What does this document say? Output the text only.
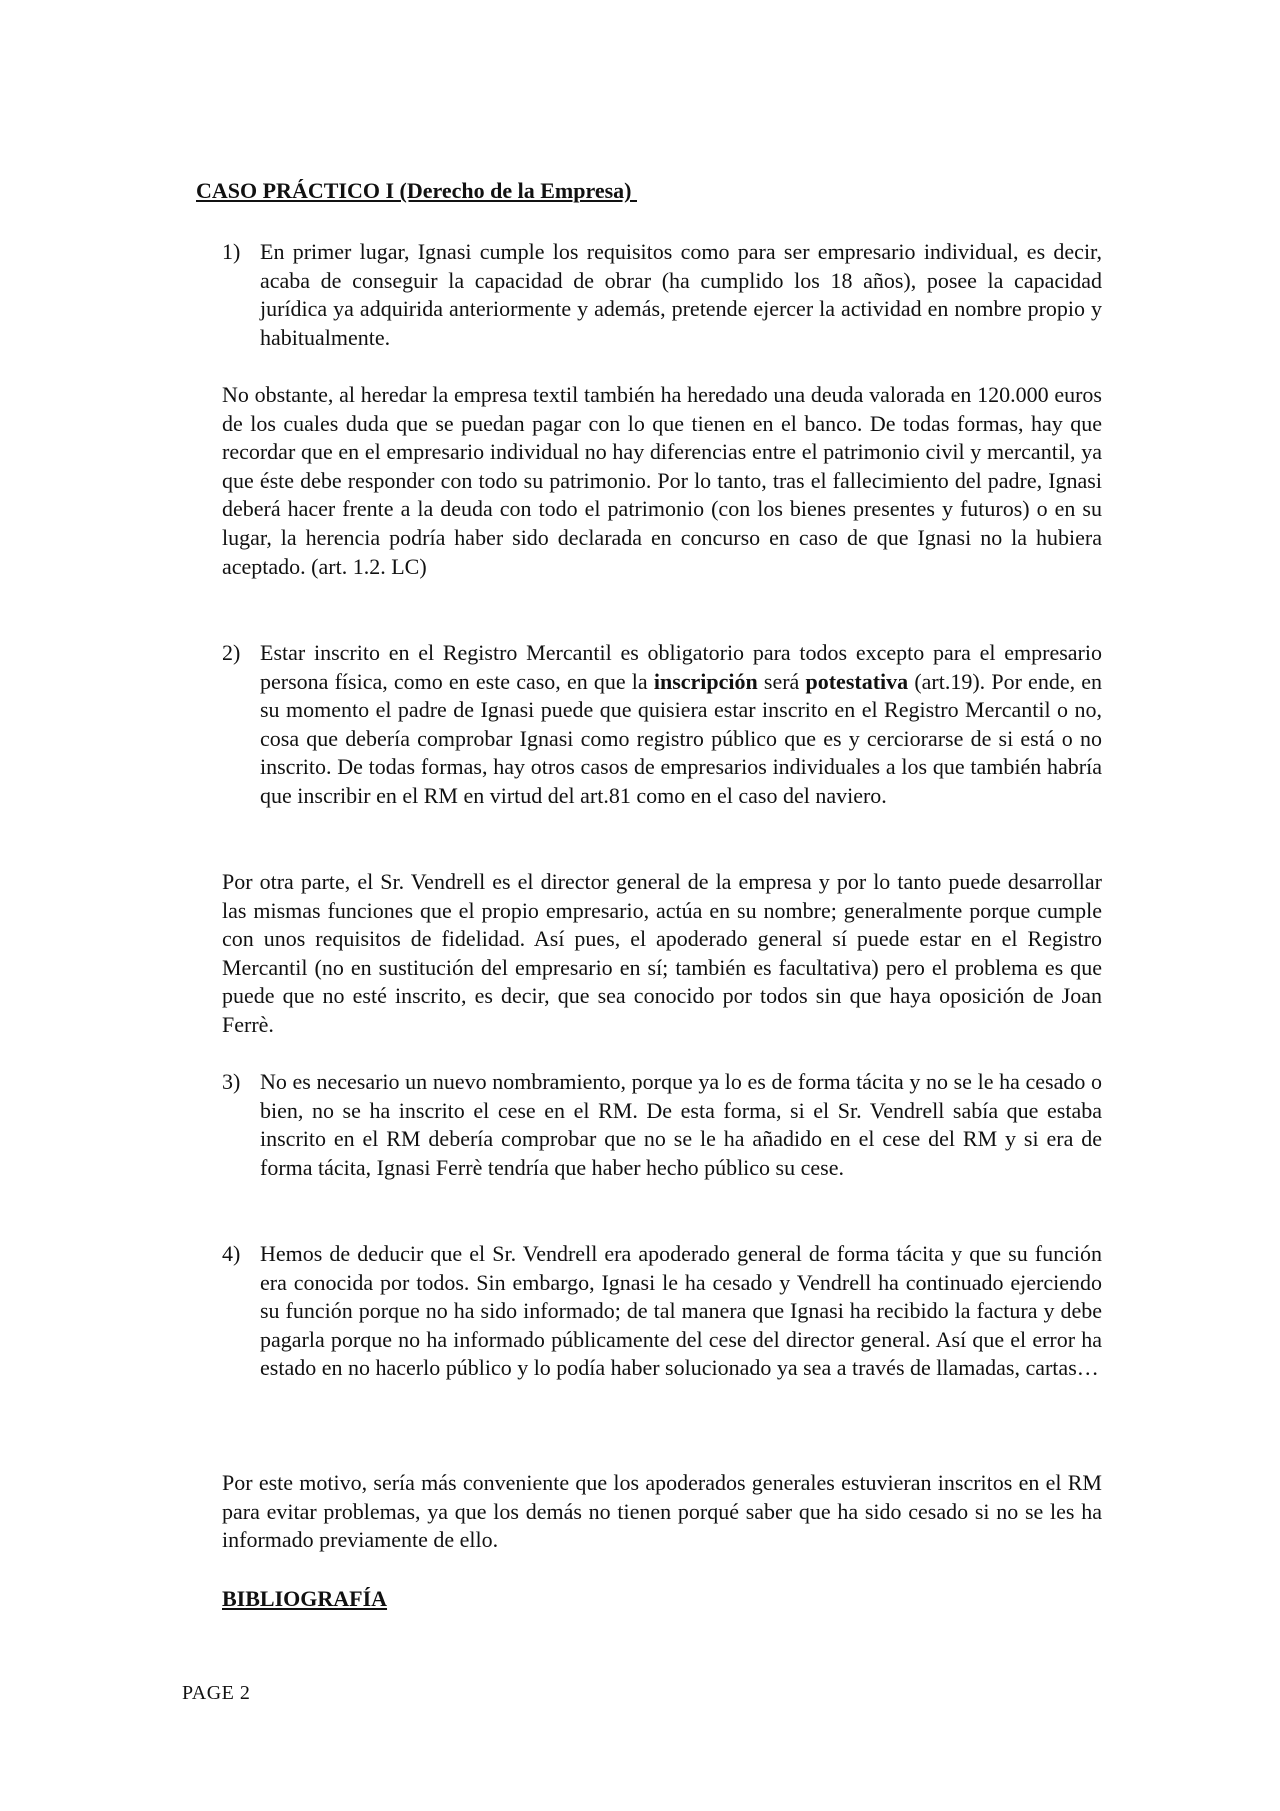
CASO PRÁCTICO I (Derecho de la Empresa)
1) En primer lugar, Ignasi cumple los requisitos como para ser empresario individual, es decir, acaba de conseguir la capacidad de obrar (ha cumplido los 18 años), posee la capacidad jurídica ya adquirida anteriormente y además, pretende ejercer la actividad en nombre propio y habitualmente.
No obstante, al heredar la empresa textil también ha heredado una deuda valorada en 120.000 euros de los cuales duda que se puedan pagar con lo que tienen en el banco. De todas formas, hay que recordar que en el empresario individual no hay diferencias entre el patrimonio civil y mercantil, ya que éste debe responder con todo su patrimonio. Por lo tanto, tras el fallecimiento del padre, Ignasi deberá hacer frente a la deuda con todo el patrimonio (con los bienes presentes y futuros) o en su lugar, la herencia podría haber sido declarada en concurso en caso de que Ignasi no la hubiera aceptado. (art. 1.2. LC)
2) Estar inscrito en el Registro Mercantil es obligatorio para todos excepto para el empresario persona física, como en este caso, en que la inscripción será potestativa (art.19). Por ende, en su momento el padre de Ignasi puede que quisiera estar inscrito en el Registro Mercantil o no, cosa que debería comprobar Ignasi como registro público que es y cerciorarse de si está o no inscrito. De todas formas, hay otros casos de empresarios individuales a los que también habría que inscribir en el RM en virtud del art.81 como en el caso del naviero.
Por otra parte, el Sr. Vendrell es el director general de la empresa y por lo tanto puede desarrollar las mismas funciones que el propio empresario, actúa en su nombre; generalmente porque cumple con unos requisitos de fidelidad. Así pues, el apoderado general sí puede estar en el Registro Mercantil (no en sustitución del empresario en sí; también es facultativa) pero el problema es que puede que no esté inscrito, es decir, que sea conocido por todos sin que haya oposición de Joan Ferrè.
3) No es necesario un nuevo nombramiento, porque ya lo es de forma tácita y no se le ha cesado o bien, no se ha inscrito el cese en el RM. De esta forma, si el Sr. Vendrell sabía que estaba inscrito en el RM debería comprobar que no se le ha añadido en el cese del RM y si era de forma tácita, Ignasi Ferrè tendría que haber hecho público su cese.
4) Hemos de deducir que el Sr. Vendrell era apoderado general de forma tácita y que su función era conocida por todos. Sin embargo, Ignasi le ha cesado y Vendrell ha continuado ejerciendo su función porque no ha sido informado; de tal manera que Ignasi ha recibido la factura y debe pagarla porque no ha informado públicamente del cese del director general. Así que el error ha estado en no hacerlo público y lo podía haber solucionado ya sea a través de llamadas, cartas…
Por este motivo, sería más conveniente que los apoderados generales estuvieran inscritos en el RM para evitar problemas, ya que los demás no tienen porqué saber que ha sido cesado si no se les ha informado previamente de ello.
BIBLIOGRAFÍA
PAGE 2
